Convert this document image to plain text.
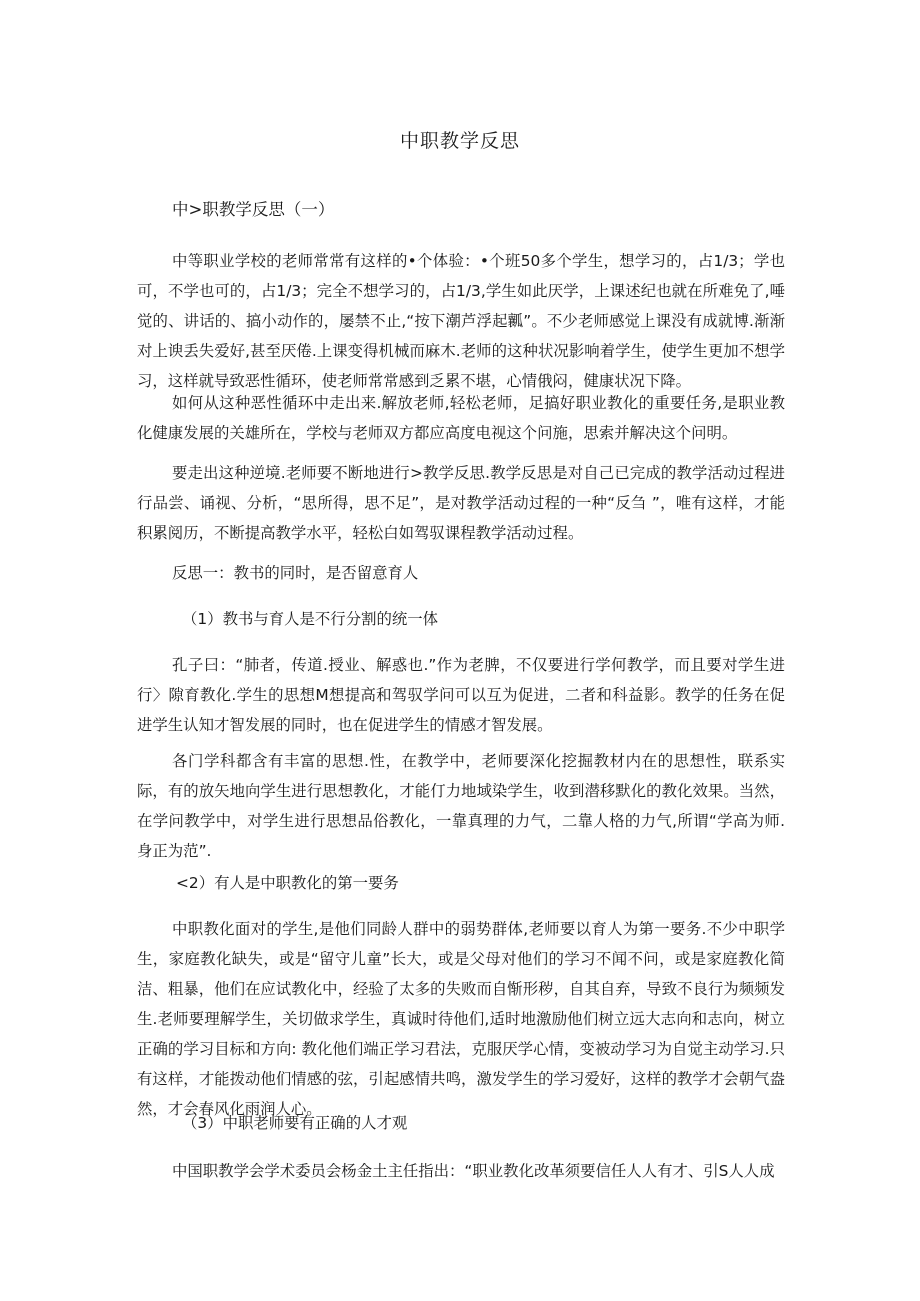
中职教学反思
中>职教学反思（一）

中等职业学校的老师常常有这样的•个体验：•个班50多个学生，想学习的，占1/3；学也可，不学也可的，占1/3；完全不想学习的，占1/3,学生如此厌学，上课述纪也就在所难免了,唾觉的、讲话的、搞小动作的，屡禁不止,“按下潮芦浮起瓤”。不少老师感觉上课没有成就博.渐渐对上谀丢失爱好,甚至厌倦.上课变得机械而麻木.老师的这种状况影响着学生，使学生更加不想学习，这样就导致恶性循环，使老师常常感到乏累不堪，心情俄闷，健康状况下降。

如何从这种恶性循环中走出来.解放老师,轻松老师，足搞好职业教化的重要任务,是职业教化健康发展的关雄所在，学校与老师双方都应高度电视这个问施，思索并解决这个问明。

要走出这种逆境.老师要不断地进行>教学反思.教学反思是对自己已完成的教学活动过程进行品尝、诵视、分析，“思所得，思不足”，是对教学活动过程的一种“反刍 ”，唯有这样，才能积累阅历，不断提高教学水平，轻松白如驾驭课程教学活动过程。

反思一：教书的同时，是否留意育人

（1）教书与育人是不行分割的统一体

孔子曰：“肺者，传道.授业、解惑也.”作为老脾，不仅要进行学何教学，而且要对学生进行〉隙育教化.学生的思想M想提高和驾驭学问可以互为促进，二者和科益影。教学的任务在促进学生认知才智发展的同时，也在促进学生的情感才智发展。

各门学科都含有丰富的思想.性，在教学中，老师要深化挖掘教材内在的思想性，联系实际，有的放矢地向学生进行思想教化，才能仃力地域染学生，收到潜移默化的教化效果。当然，在学问教学中，对学生进行思想品俗教化，一靠真理的力气，二靠人格的力气,所谓“学高为师.身正为范”.

<2）有人是中职教化的第一要务

中职教化面对的学生,是他们同龄人群中的弱势群体,老师要以育人为第一要务.不少中职学生，家庭教化缺失，或是“留守儿童”长大，或是父母对他们的学习不闻不问，或是家庭教化简洁、粗暴，他们在应试教化中，经验了太多的失败而自惭形秽，自其自弃，导致不良行为频频发生.老师要理解学生，关切做求学生，真诚时待他们,适时地激励他们树立远大志向和志向，树立正确的学习目标和方向: 教化他们端正学习君法，克服厌学心情，变被动学习为自觉主动学习.只有这样，才能拨动他们情感的弦，引起感情共鸣，激发学生的学习爱好，这样的教学才会朝气盎然，才会春风化雨润人心。

（3）中职老师要有正确的人才观

中国职教学会学术委员会杨金土主任指出：“职业教化改革须要信任人人有才、引S人人成
